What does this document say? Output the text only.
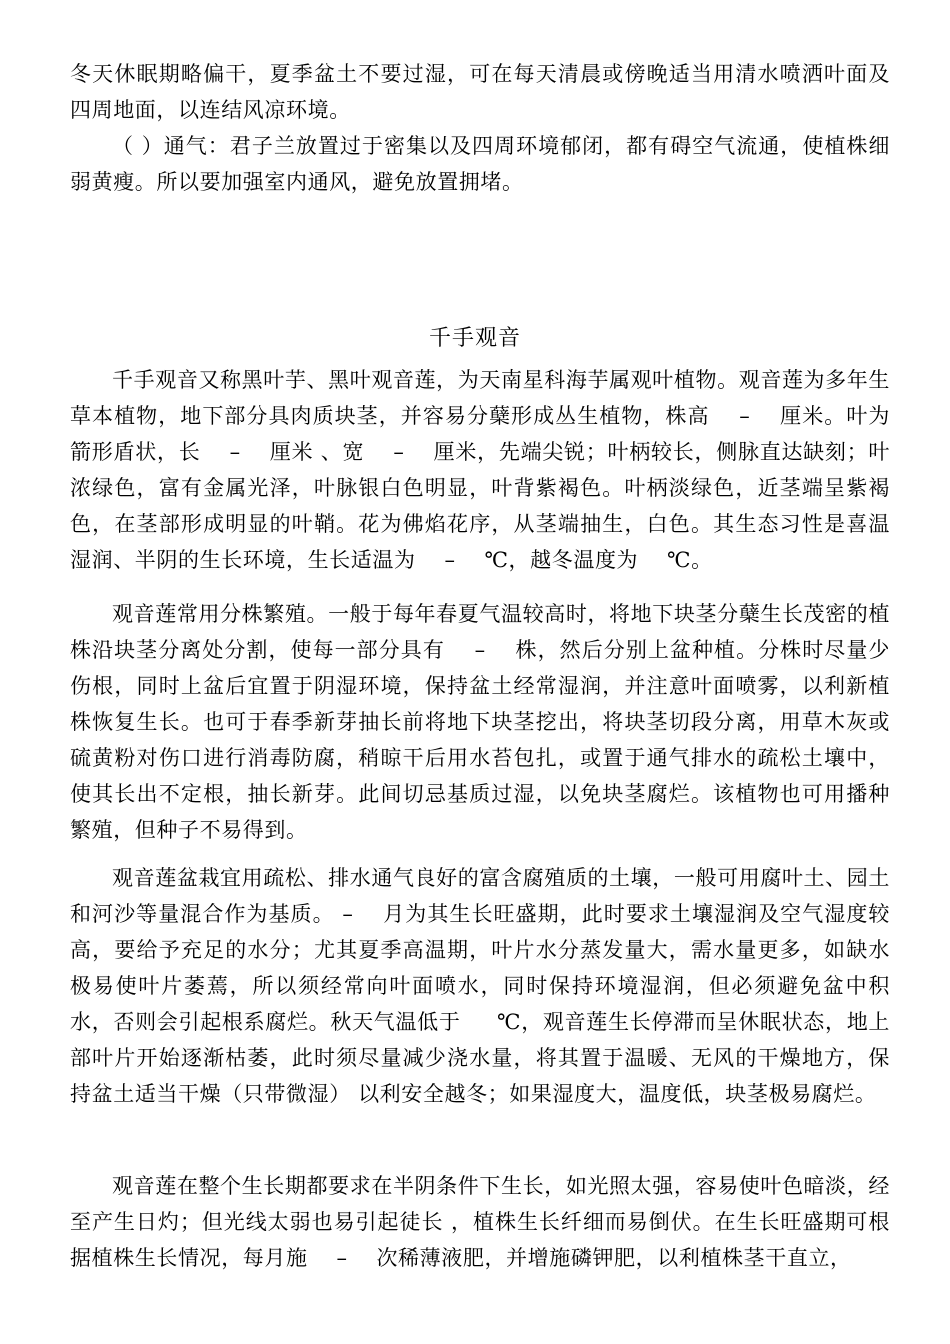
冬天休眠期略偏干，夏季盆土不要过湿，可在每天清晨或傍晚适当用清水喷洒叶面及四周地面，以连结风凉环境。

（ ）通气：君子兰放置过于密集以及四周环境郁闭，都有碍空气流通，使植株细弱黄瘦。所以要加强室内通风，避免放置拥堵。

千手观音

千手观音又称黑叶芋、黑叶观音莲，为天南星科海芋属观叶植物。观音莲为多年生草本植物，地下部分具肉质块茎，并容易分蘖形成丛生植物，株高 　– 　厘米。叶为箭形盾状，长 　– 　厘米 、宽 　– 　厘米，先端尖锐；叶柄较长，侧脉直达缺刻；叶浓绿色，富有金属光泽，叶脉银白色明显，叶背紫褐色。叶柄淡绿色，近茎端呈紫褐色，在茎部形成明显的叶鞘。花为佛焰花序，从茎端抽生，白色。其生态习性是喜温湿润、半阴的生长环境，生长适温为 　– 　℃，越冬温度为 　℃。

观音莲常用分株繁殖。一般于每年春夏气温较高时，将地下块茎分蘖生长茂密的植株沿块茎分离处分割，使每一部分具有 　– 　株，然后分别上盆种植。分株时尽量少伤根，同时上盆后宜置于阴湿环境，保持盆土经常湿润，并注意叶面喷雾，以利新植株恢复生长。也可于春季新芽抽长前将地下块茎挖出，将块茎切段分离，用草木灰或硫黄粉对伤口进行消毒防腐，稍晾干后用水苔包扎，或置于通气排水的疏松土壤中，使其长出不定根，抽长新芽。此间切忌基质过湿，以免块茎腐烂。该植物也可用播种繁殖，但种子不易得到。

观音莲盆栽宜用疏松、排水通气良好的富含腐殖质的土壤，一般可用腐叶土、园土和河沙等量混合作为基质。 – 　月为其生长旺盛期，此时要求土壤湿润及空气湿度较高，要给予充足的水分；尤其夏季高温期，叶片水分蒸发量大，需水量更多，如缺水极易使叶片萎蔫，所以须经常向叶面喷水，同时保持环境湿润，但必须避免盆中积水，否则会引起根系腐烂。秋天气温低于 　 ℃，观音莲生长停滞而呈休眠状态，地上部叶片开始逐渐枯萎，此时须尽量减少浇水量，将其置于温暖、无风的干燥地方，保持盆土适当干燥（只带微湿） 以利安全越冬；如果湿度大，温度低，块茎极易腐烂。

观音莲在整个生长期都要求在半阴条件下生长，如光照太强，容易使叶色暗淡，经至产生日灼；但光线太弱也易引起徒长 ，植株生长纤细而易倒伏。在生长旺盛期可根据植株生长情况，每月施 　– 　次稀薄液肥，并增施磷钾肥，以利植株茎干直立，
